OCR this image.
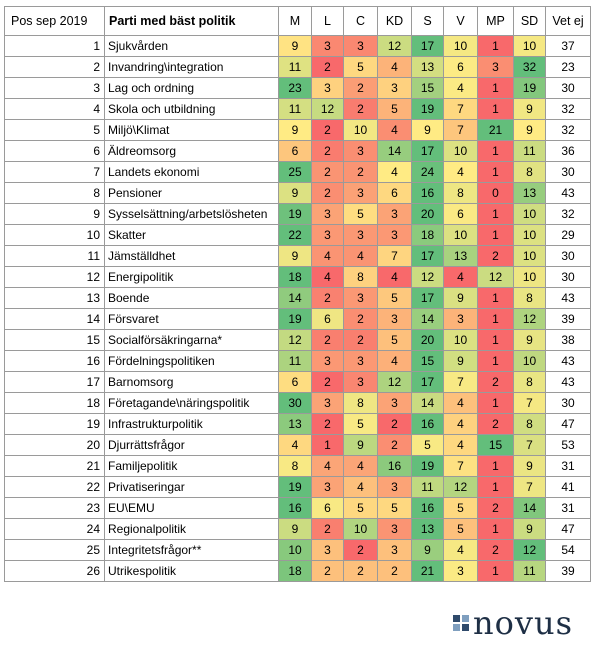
Pos sep 2019	Parti med bäst politik	M	L	C	KD	S	V	MP	SD	Vet ej
1	Sjukvården	9	3	3	12	17	10	1	10	37
2	Invandring\integration	11	2	5	4	13	6	3	32	23
3	Lag och ordning	23	3	2	3	15	4	1	19	30
4	Skola och utbildning	11	12	2	5	19	7	1	9	32
5	Miljö\Klimat	9	2	10	4	9	7	21	9	32
6	Äldreomsorg	6	2	3	14	17	10	1	11	36
7	Landets ekonomi	25	2	2	4	24	4	1	8	30
8	Pensioner	9	2	3	6	16	8	0	13	43
9	Sysselsättning/arbetslösheten	19	3	5	3	20	6	1	10	32
10	Skatter	22	3	3	3	18	10	1	10	29
11	Jämställdhet	9	4	4	7	17	13	2	10	30
12	Energipolitik	18	4	8	4	12	4	12	10	30
13	Boende	14	2	3	5	17	9	1	8	43
14	Försvaret	19	6	2	3	14	3	1	12	39
15	Socialförsäkringarna*	12	2	2	5	20	10	1	9	38
16	Fördelningspolitiken	11	3	3	4	15	9	1	10	43
17	Barnomsorg	6	2	3	12	17	7	2	8	43
18	Företagande\näringspolitik	30	3	8	3	14	4	1	7	30
19	Infrastrukturpolitik	13	2	5	2	16	4	2	8	47
20	Djurrättsfrågor	4	1	9	2	5	4	15	7	53
21	Familjepolitik	8	4	4	16	19	7	1	9	31
22	Privatiseringar	19	3	4	3	11	12	1	7	41
23	EU\EMU	16	6	5	5	16	5	2	14	31
24	Regionalpolitik	9	2	10	3	13	5	1	9	47
25	Integritetsfrågor**	10	3	2	3	9	4	2	12	54
26	Utrikespolitik	18	2	2	2	21	3	1	11	39
novus
